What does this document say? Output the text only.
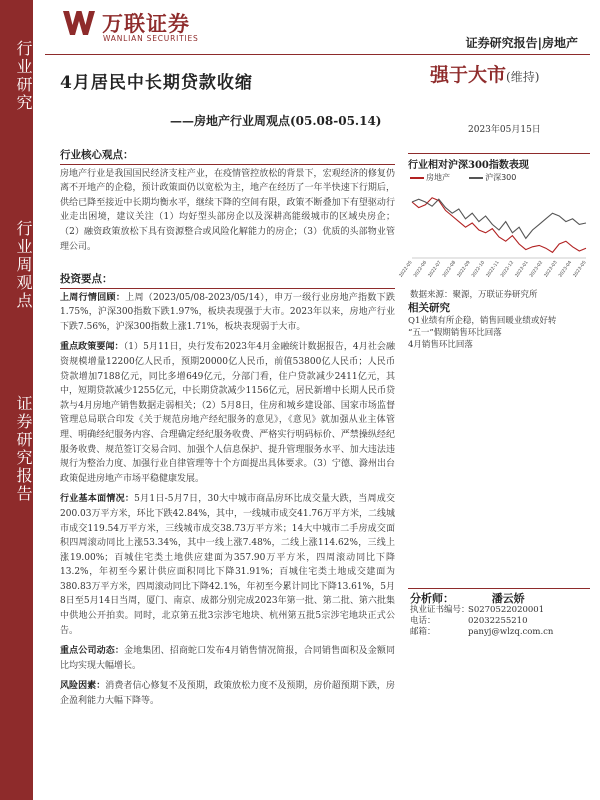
行业研究
行业周观点
证券研究报告
万联证券
WANLIAN SECURITIES	证券研究报告|房地产
4月居民中长期贷款收缩
——房地产行业周观点(05.08-05.14)
强于大市(维持)
2023年05月15日
行业相对沪深300指数表现
房地产	沪深300
2022-05 2022-06 2022-07 2022-08 2022-09 2022-10 2022-11 2022-12 2023-01 2023-02 2023-03 2023-04 2023-05
数据来源：聚源，万联证券研究所
相关研究
Q1业绩有所企稳，销售回暖业绩或好转
“五一”假期销售环比回落
4月销售环比回落
分析师：	潘云娇
执业证书编号：
S0270522020001
电话：	02032255210
邮箱：	panyj@wlzq.com.cn
行业核心观点：
房地产行业是我国国民经济支柱产业，在疫情管控放松的背景下，宏观经济的修复仍离不开地产的企稳，预计政策面仍以宽松为主，地产在经历了一年半快速下行期后，供给已降至接近中长期均衡水平，继续下降的空间有限，政策不断叠加下有望驱动行业走出困境，建议关注（1）均好型头部房企以及深耕高能级城市的区域央房企；（2）融资政策放松下具有资源整合或风险化解能力的房企；（3）优质的头部物业管理公司。
投资要点：
上周行情回顾：上周（2023/05/08-2023/05/14），申万一级行业房地产指数下跌1.75%，沪深300指数下跌1.97%，板块表现强于大市。2023年以来，房地产行业下跌7.56%，沪深300指数上涨1.71%，板块表现弱于大市。
重点政策要闻：（1）5月11日，央行发布2023年4月金融统计数据报告，4月社会融资规模增量12200亿人民币，预期20000亿人民币，前值53800亿人民币；人民币贷款增加7188亿元，同比多增649亿元，分部门看，住户贷款减少2411亿元，其中，短期贷款减少1255亿元，中长期贷款减少1156亿元，居民新增中长期人民币贷款与4月房地产销售数据走弱相关；（2）5月8日，住房和城乡建设部、国家市场监督管理总局联合印发《关于规范房地产经纪服务的意见》，《意见》就加强从业主体管理、明确经纪服务内容、合理确定经纪服务收费、严格实行明码标价、严禁操纵经纪服务收费、规范签订交易合同、加强个人信息保护、提升管理服务水平、加大违法违规行为整治力度、加强行业自律管理等十个方面提出具体要求。（3）宁德、滁州出台政策促进房地产市场平稳健康发展。
行业基本面情况：5月1日-5月7日，30大中城市商品房环比成交量大跌，当周成交200.03万平方米，环比下跌42.84%，其中，一线城市成交41.76万平方米，二线城市成交119.54万平方米，三线城市成交38.73万平方米；14大中城市二手房成交面积四周滚动同比上涨53.34%，其中一线上涨7.48%，二线上涨114.62%，三线上涨19.00%；百城住宅类土地供应建面为357.90万平方米，四周滚动同比下降13.2%，年初至今累计供应面积同比下降31.91%；百城住宅类土地成交建面为380.83万平方米，四周滚动同比下降42.1%，年初至今累计同比下降13.61%，5月8日至5月14日当周，厦门、南京、成都分别完成2023年第一批、第二批、第六批集中供地公开拍卖。同时，北京第五批3宗涉宅地块、杭州第五批5宗涉宅地块正式公告。
重点公司动态：金地集团、招商蛇口发布4月销售情况简报，合同销售面积及金额同比均实现大幅增长。
风险因素：消费者信心修复不及预期，政策放松力度不及预期，房价超预期下跌，房企盈利能力大幅下降等。
